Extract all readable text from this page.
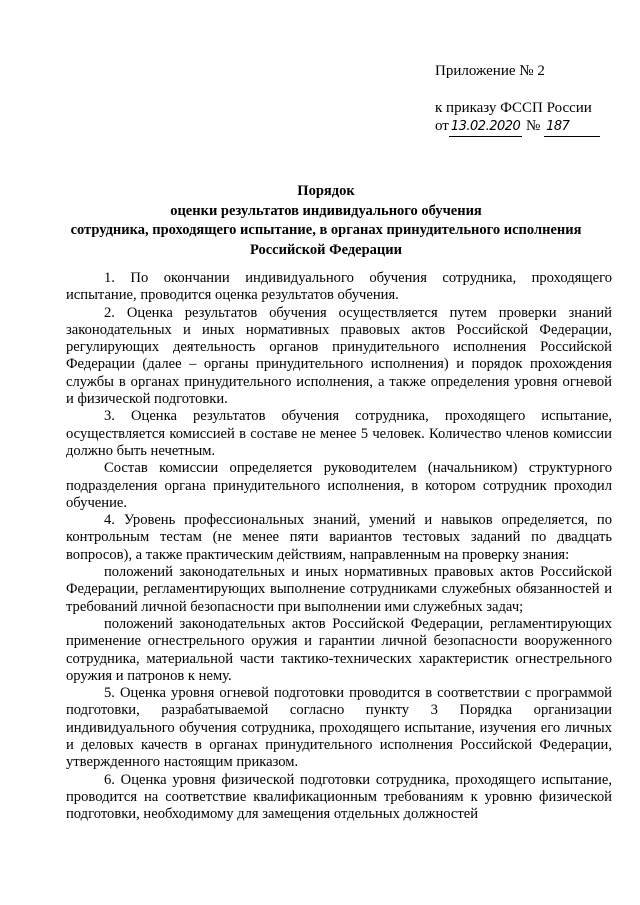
Приложение № 2
к приказу ФССП России
от 13.02.2020 № 187
Порядок
оценки результатов индивидуального обучения
сотрудника, проходящего испытание, в органах принудительного исполнения
Российской Федерации

1. По окончании индивидуального обучения сотрудника, проходящего испытание, проводится оценка результатов обучения.

2. Оценка результатов обучения осуществляется путем проверки знаний законодательных и иных нормативных правовых актов Российской Федерации, регулирующих деятельность органов принудительного исполнения Российской Федерации (далее – органы принудительного исполнения) и порядок прохождения службы в органах принудительного исполнения, а также определения уровня огневой и физической подготовки.

3. Оценка результатов обучения сотрудника, проходящего испытание, осуществляется комиссией в составе не менее 5 человек. Количество членов комиссии должно быть нечетным.

Состав комиссии определяется руководителем (начальником) структурного подразделения органа принудительного исполнения, в котором сотрудник проходил обучение.

4. Уровень профессиональных знаний, умений и навыков определяется, по контрольным тестам (не менее пяти вариантов тестовых заданий по двадцать вопросов), а также практическим действиям, направленным на проверку знания:

положений законодательных и иных нормативных правовых актов Российской Федерации, регламентирующих выполнение сотрудниками служебных обязанностей и требований личной безопасности при выполнении ими служебных задач;

положений законодательных актов Российской Федерации, регламентирующих применение огнестрельного оружия и гарантии личной безопасности вооруженного сотрудника, материальной части тактико-технических характеристик огнестрельного оружия и патронов к нему.

5. Оценка уровня огневой подготовки проводится в соответствии с программой подготовки, разрабатываемой согласно пункту 3 Порядка организации индивидуального обучения сотрудника, проходящего испытание, изучения его личных и деловых качеств в органах принудительного исполнения Российской Федерации, утвержденного настоящим приказом.

6. Оценка уровня физической подготовки сотрудника, проходящего испытание, проводится на соответствие квалификационным требованиям к уровню физической подготовки, необходимому для замещения отдельных должностей
